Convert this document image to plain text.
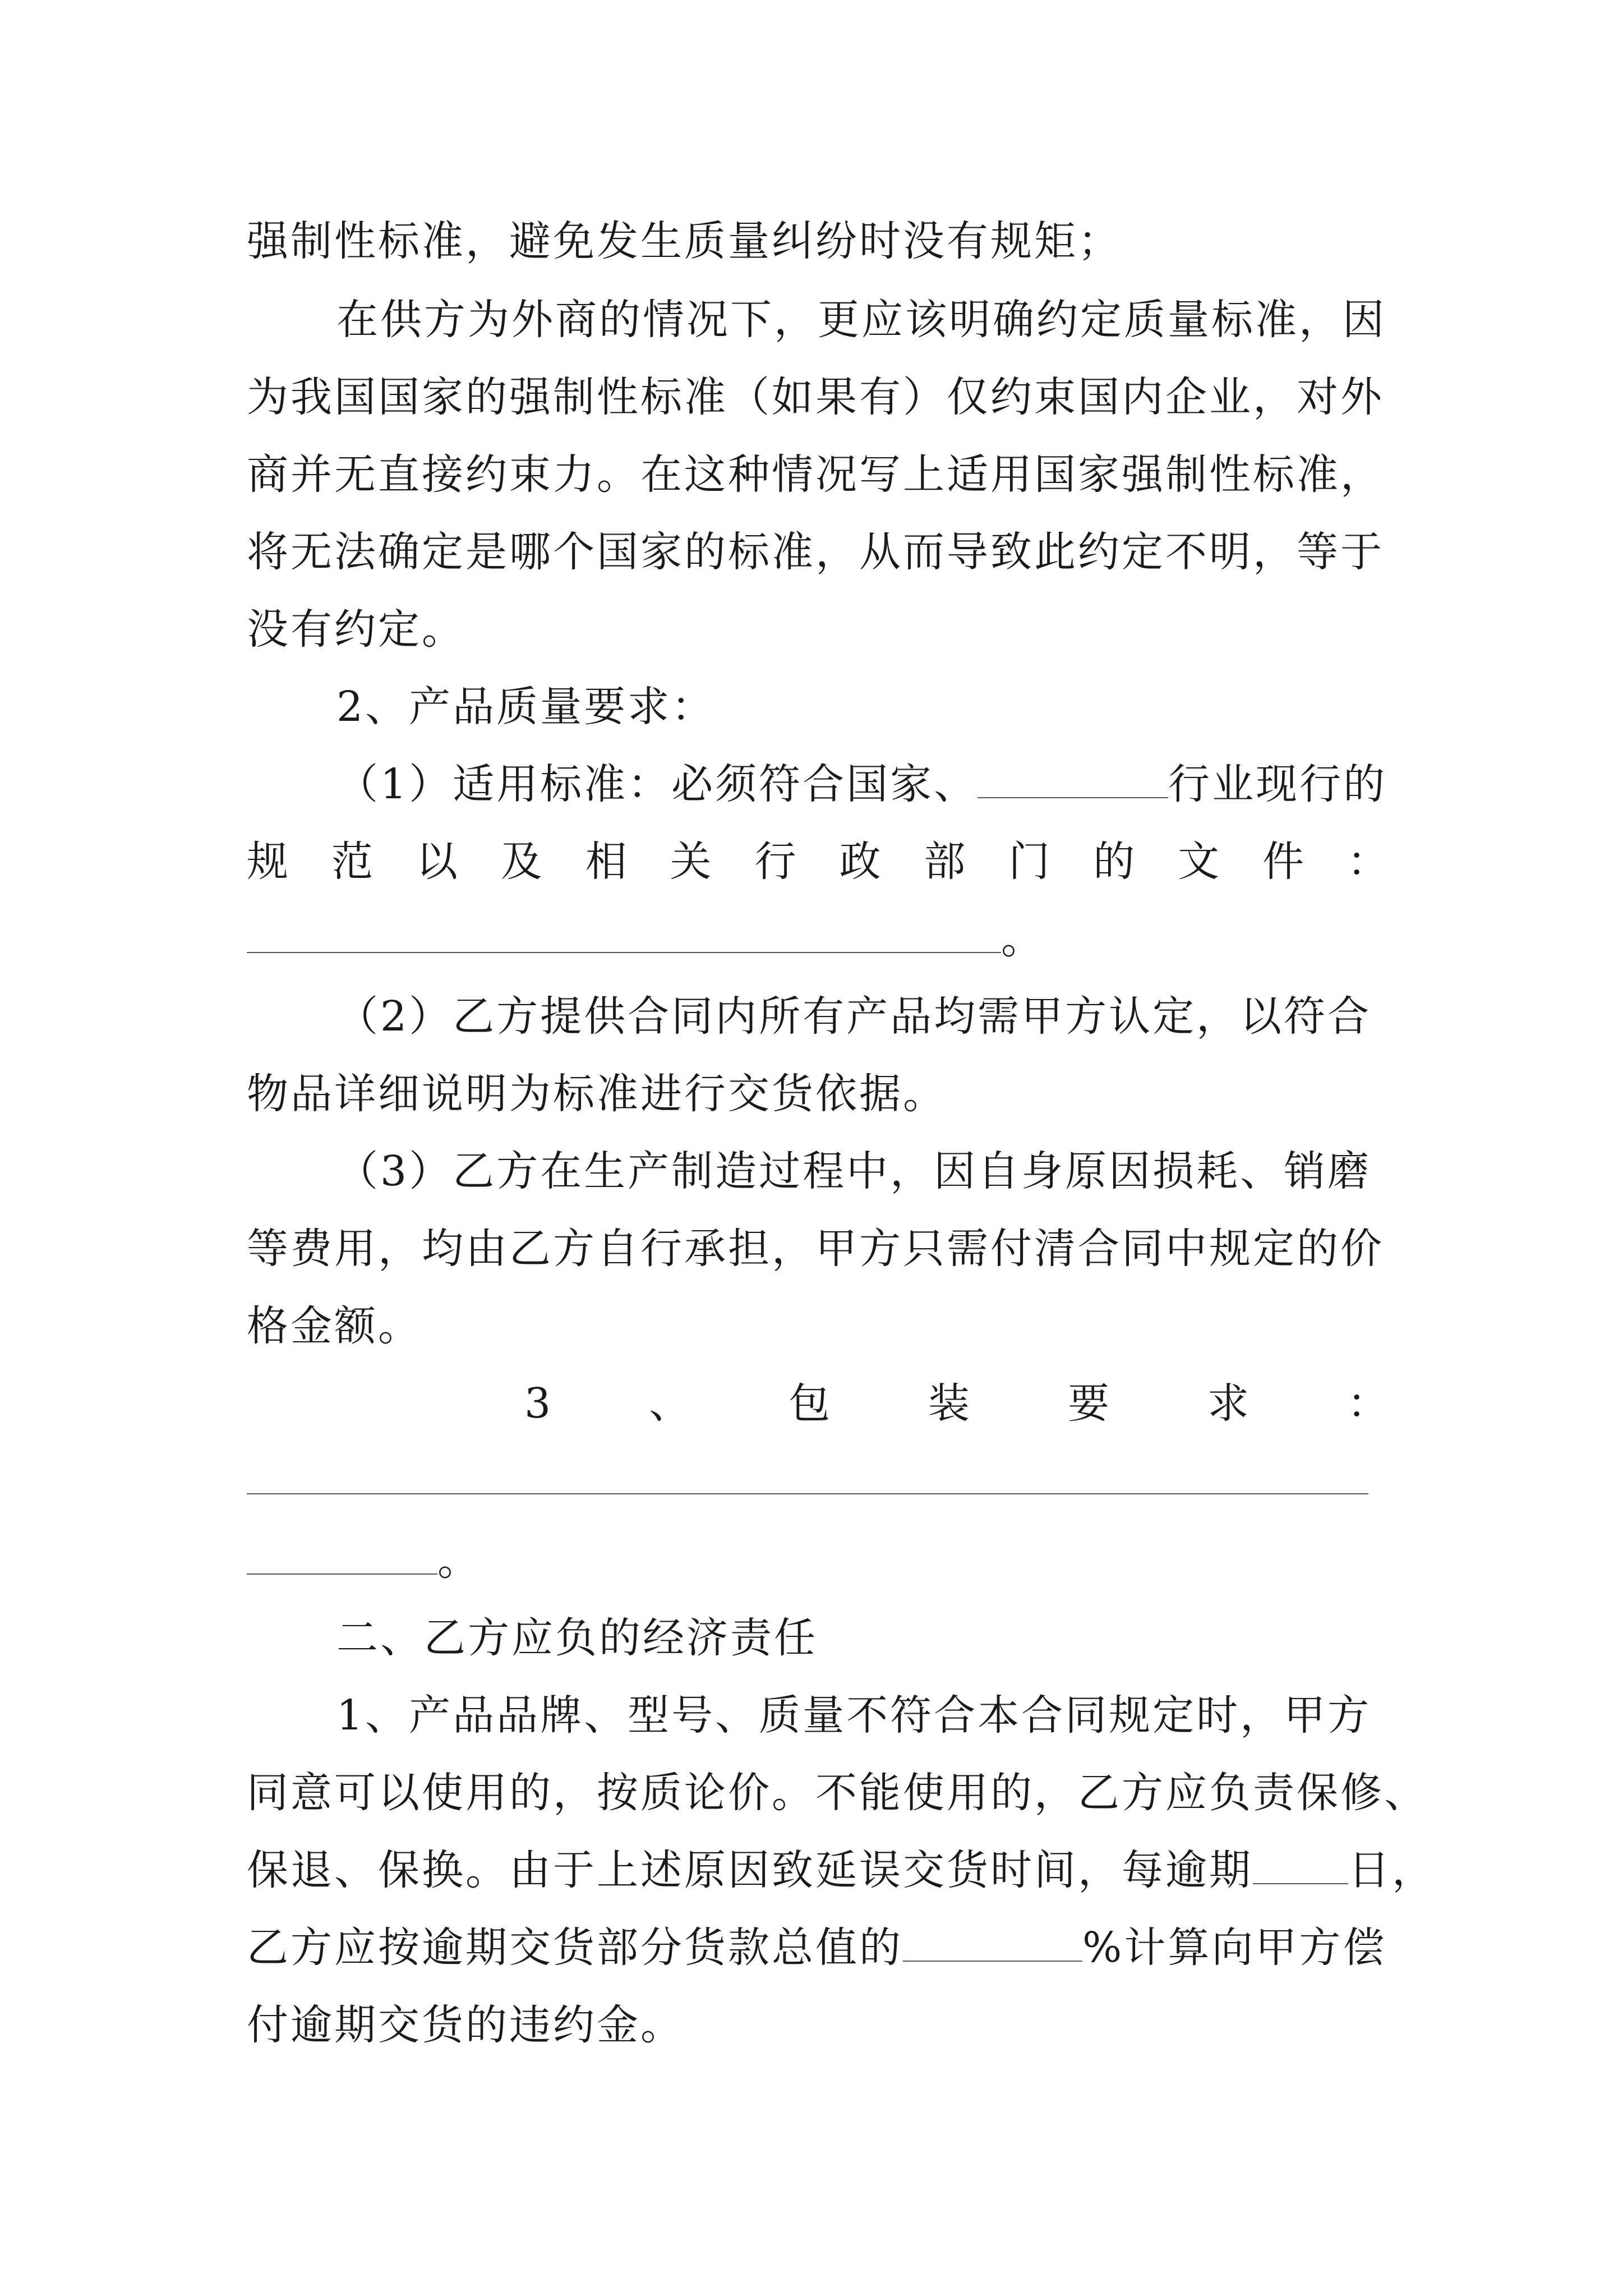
强制性标准，避免发生质量纠纷时没有规矩；
在供方为外商的情况下，更应该明确约定质量标准，因
为我国国家的强制性标准（如果有）仅约束国内企业，对外
商并无直接约束力。在这种情况写上适用国家强制性标准，
将无法确定是哪个国家的标准，从而导致此约定不明，等于
没有约定。
2、产品质量要求：
（1）适用标准：必须符合国家、	行业现行的
规 范 以 及 相 关 行 政 部 门 的 文 件 ：
。
（2）乙方提供合同内所有产品均需甲方认定，以符合
物品详细说明为标准进行交货依据。
（3）乙方在生产制造过程中，因自身原因损耗、销磨
等费用，均由乙方自行承担，甲方只需付清合同中规定的价
格金额。
3 、 包 装 要 求 ：
。
二、乙方应负的经济责任
1、产品品牌、型号、质量不符合本合同规定时，甲方
同意可以使用的，按质论价。不能使用的，乙方应负责保修、
保退、保换。由于上述原因致延误交货时间，每逾期 日，
乙方应按逾期交货部分货款总值的	%计算向甲方偿
付逾期交货的违约金。
